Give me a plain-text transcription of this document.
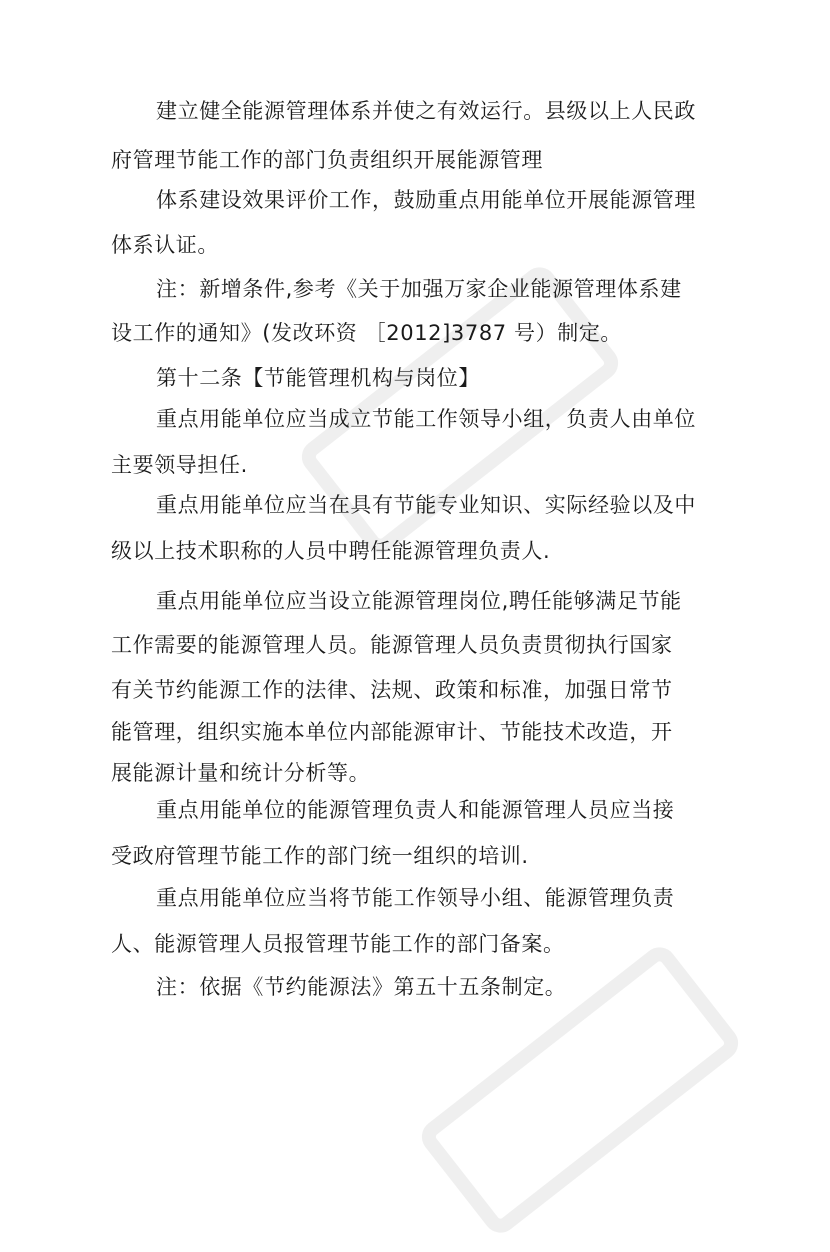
建立健全能源管理体系并使之有效运行。县级以上人民政
府管理节能工作的部门负责组织开展能源管理
体系建设效果评价工作，鼓励重点用能单位开展能源管理
体系认证。
注：新增条件,参考《关于加强万家企业能源管理体系建
设工作的通知》(发改环资 ［2012]3787 号）制定。
第十二条【节能管理机构与岗位】
重点用能单位应当成立节能工作领导小组，负责人由单位
主要领导担任.
重点用能单位应当在具有节能专业知识、实际经验以及中
级以上技术职称的人员中聘任能源管理负责人.
重点用能单位应当设立能源管理岗位,聘任能够满足节能
工作需要的能源管理人员。能源管理人员负责贯彻执行国家
有关节约能源工作的法律、法规、政策和标准，加强日常节
能管理，组织实施本单位内部能源审计、节能技术改造，开
展能源计量和统计分析等。
重点用能单位的能源管理负责人和能源管理人员应当接
受政府管理节能工作的部门统一组织的培训.
重点用能单位应当将节能工作领导小组、能源管理负责
人、能源管理人员报管理节能工作的部门备案。
注：依据《节约能源法》第五十五条制定。
